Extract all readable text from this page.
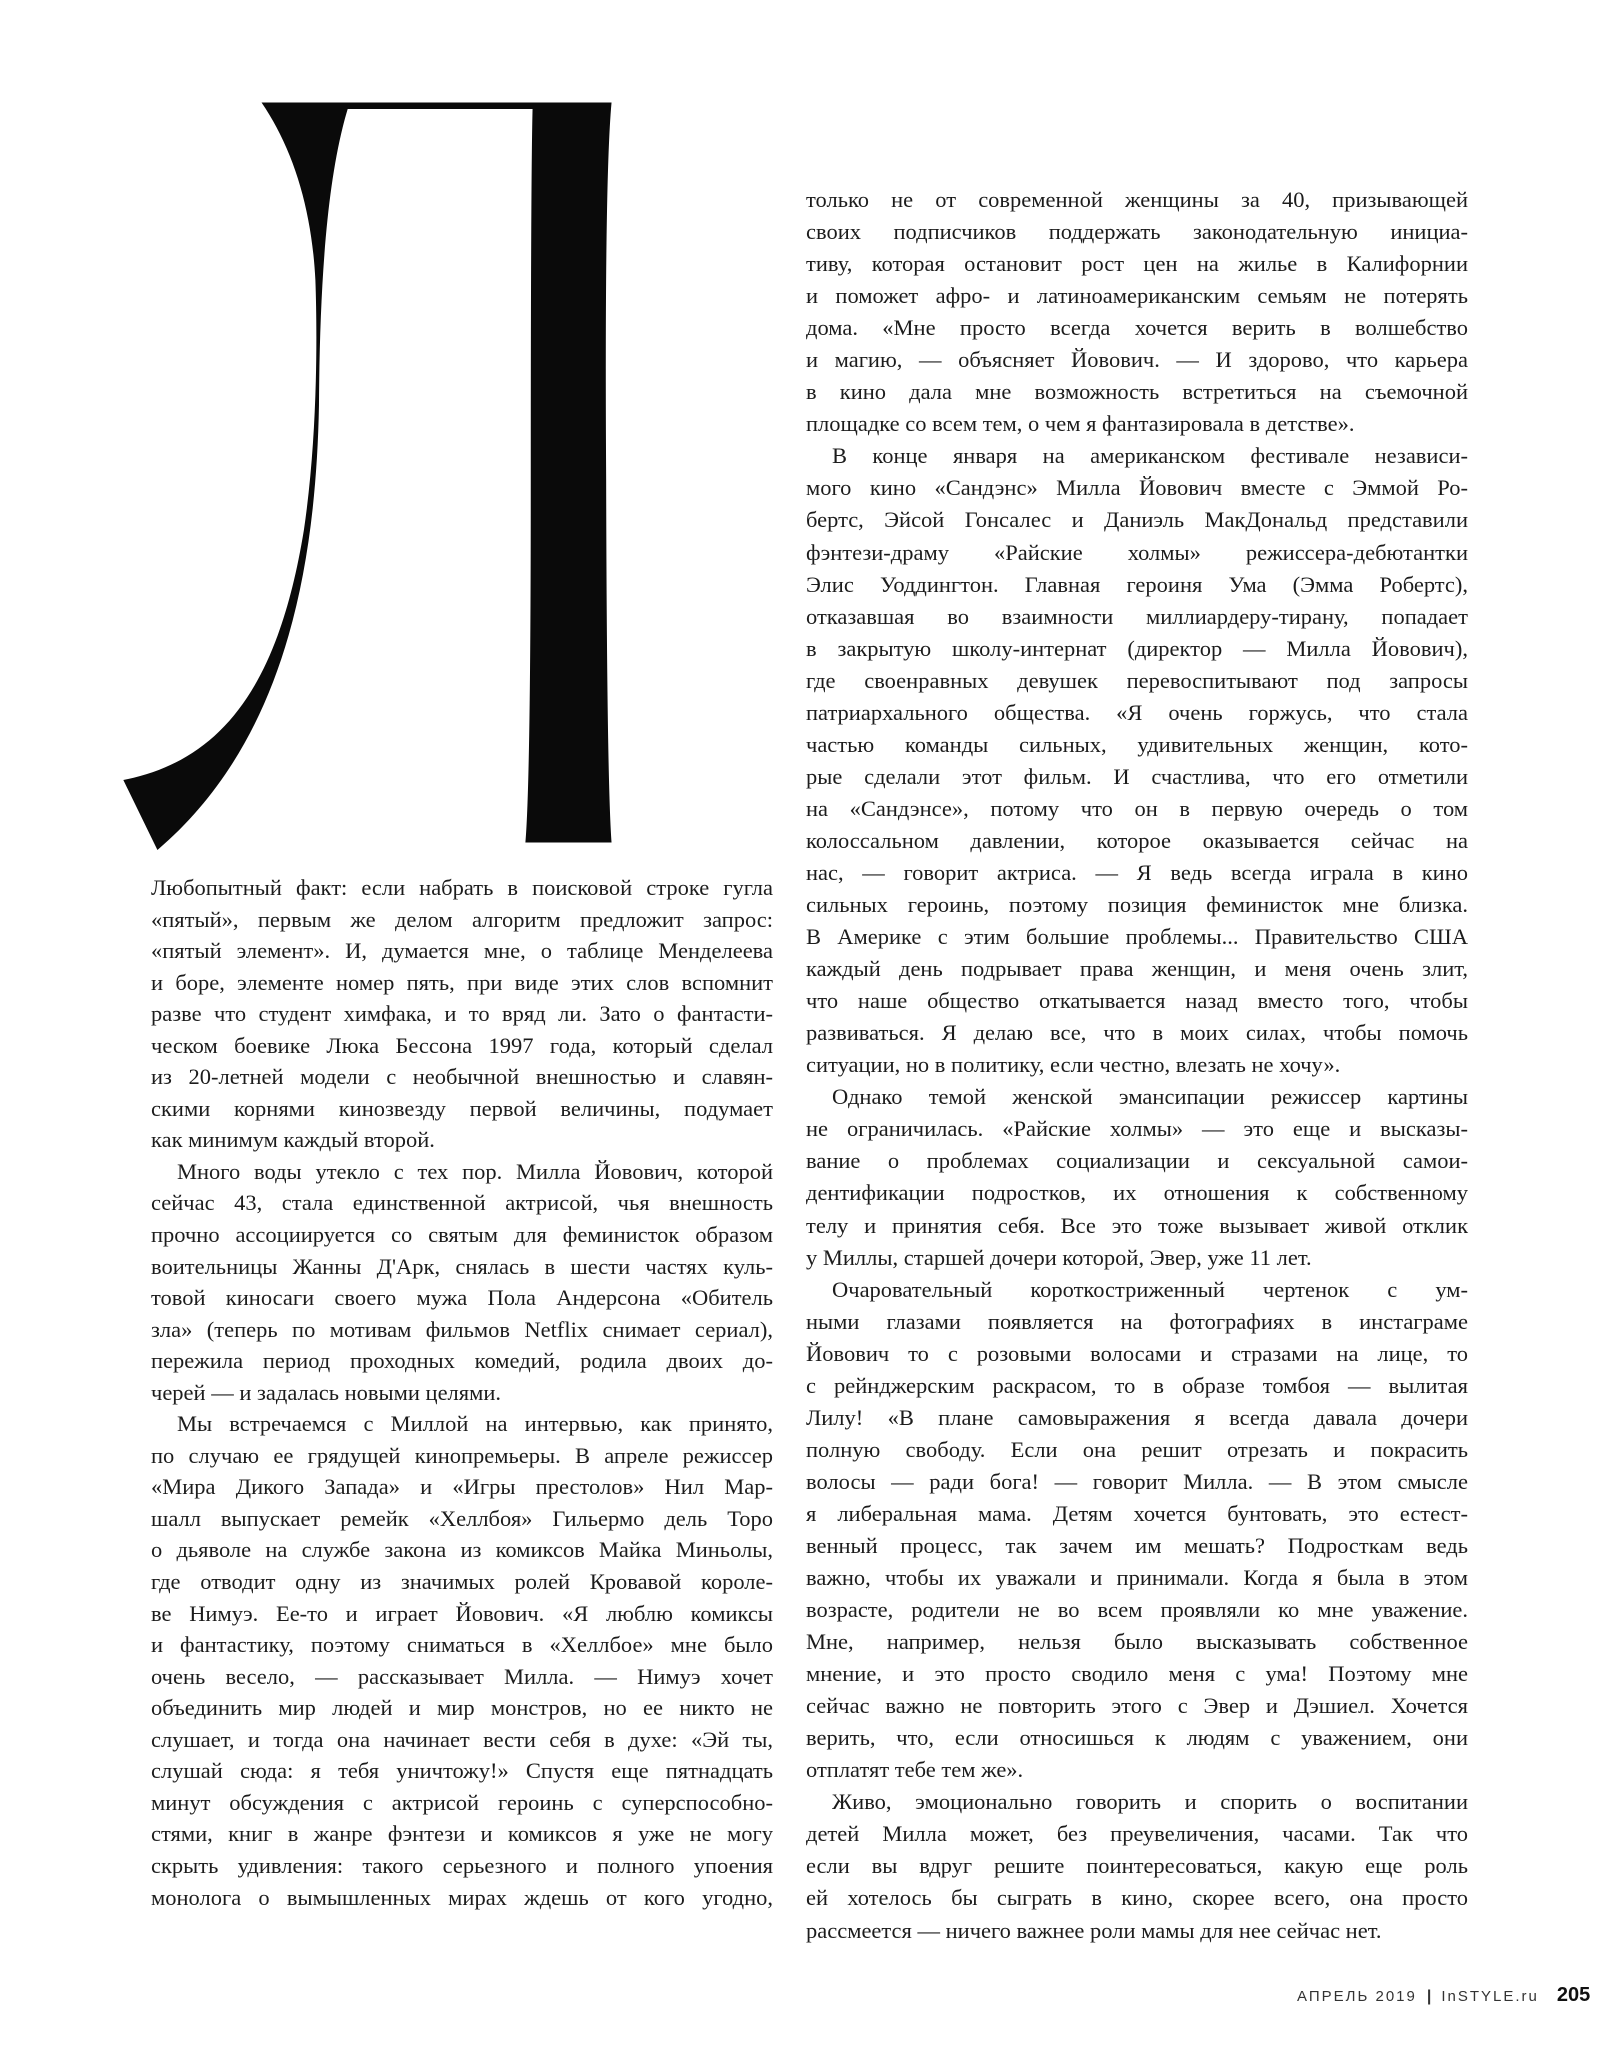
Любопытный факт: если набрать в поисковой строке гугла
«пятый», первым же делом алгоритм предложит запрос:
«пятый элемент». И, думается мне, о таблице Менделеева
и боре, элементе номер пять, при виде этих слов вспомнит
разве что студент химфака, и то вряд ли. Зато о фантасти-
ческом боевике Люка Бессона 1997 года, который сделал
из 20-летней модели с необычной внешностью и славян-
скими корнями кинозвезду первой величины, подумает
как минимум каждый второй.
Много воды утекло с тех пор. Милла Йовович, которой
сейчас 43, стала единственной актрисой, чья внешность
прочно ассоциируется со святым для феминисток образом
воительницы Жанны Д'Арк, снялась в шести частях куль-
товой киносаги своего мужа Пола Андерсона «Обитель
зла» (теперь по мотивам фильмов Netflix снимает сериал),
пережила период проходных комедий, родила двоих до-
черей — и задалась новыми целями.
Мы встречаемся с Миллой на интервью, как принято,
по случаю ее грядущей кинопремьеры. В апреле режиссер
«Мира Дикого Запада» и «Игры престолов» Нил Мар-
шалл выпускает ремейк «Хеллбоя» Гильермо дель Торо
о дьяволе на службе закона из комиксов Майка Миньолы,
где отводит одну из значимых ролей Кровавой короле-
ве Нимуэ. Ее-то и играет Йовович. «Я люблю комиксы
и фантастику, поэтому сниматься в «Хеллбое» мне было
очень весело, — рассказывает Милла. — Нимуэ хочет
объединить мир людей и мир монстров, но ее никто не
слушает, и тогда она начинает вести себя в духе: «Эй ты,
слушай сюда: я тебя уничтожу!» Спустя еще пятнадцать
минут обсуждения с актрисой героинь с суперспособно-
стями, книг в жанре фэнтези и комиксов я уже не могу
скрыть удивления: такого серьезного и полного упоения
монолога о вымышленных мирах ждешь от кого угодно,
только не от современной женщины за 40, призывающей
своих подписчиков поддержать законодательную инициа-
тиву, которая остановит рост цен на жилье в Калифорнии
и поможет афро- и латиноамериканским семьям не потерять
дома. «Мне просто всегда хочется верить в волшебство
и магию, — объясняет Йовович. — И здорово, что карьера
в кино дала мне возможность встретиться на съемочной
площадке со всем тем, о чем я фантазировала в детстве».
В конце января на американском фестивале независи-
мого кино «Сандэнс» Милла Йовович вместе с Эммой Ро-
бертс, Эйсой Гонсалес и Даниэль МакДональд представили
фэнтези-драму «Райские холмы» режиссера-дебютантки
Элис Уоддингтон. Главная героиня Ума (Эмма Робертс),
отказавшая во взаимности миллиардеру-тирану, попадает
в закрытую школу-интернат (директор — Милла Йовович),
где своенравных девушек перевоспитывают под запросы
патриархального общества. «Я очень горжусь, что стала
частью команды сильных, удивительных женщин, кото-
рые сделали этот фильм. И счастлива, что его отметили
на «Сандэнсе», потому что он в первую очередь о том
колоссальном давлении, которое оказывается сейчас на
нас, — говорит актриса. — Я ведь всегда играла в кино
сильных героинь, поэтому позиция феминисток мне близка.
В Америке с этим большие проблемы... Правительство США
каждый день подрывает права женщин, и меня очень злит,
что наше общество откатывается назад вместо того, чтобы
развиваться. Я делаю все, что в моих силах, чтобы помочь
ситуации, но в политику, если честно, влезать не хочу».
Однако темой женской эмансипации режиссер картины
не ограничилась. «Райские холмы» — это еще и высказы-
вание о проблемах социализации и сексуальной самои-
дентификации подростков, их отношения к собственному
телу и принятия себя. Все это тоже вызывает живой отклик
у Миллы, старшей дочери которой, Эвер, уже 11 лет.
Очаровательный короткостриженный чертенок с ум-
ными глазами появляется на фотографиях в инстаграме
Йовович то с розовыми волосами и стразами на лице, то
с рейнджерским раскрасом, то в образе томбоя — вылитая
Лилу! «В плане самовыражения я всегда давала дочери
полную свободу. Если она решит отрезать и покрасить
волосы — ради бога! — говорит Милла. — В этом смысле
я либеральная мама. Детям хочется бунтовать, это естест-
венный процесс, так зачем им мешать? Подросткам ведь
важно, чтобы их уважали и принимали. Когда я была в этом
возрасте, родители не во всем проявляли ко мне уважение.
Мне, например, нельзя было высказывать собственное
мнение, и это просто сводило меня с ума! Поэтому мне
сейчас важно не повторить этого с Эвер и Дэшиел. Хочется
верить, что, если относишься к людям с уважением, они
отплатят тебе тем же».
Живо, эмоционально говорить и спорить о воспитании
детей Милла может, без преувеличения, часами. Так что
если вы вдруг решите поинтересоваться, какую еще роль
ей хотелось бы сыграть в кино, скорее всего, она просто
рассмеется — ничего важнее роли мамы для нее сейчас нет.
АПРЕЛЬ 2019 | InSTYLE.ru 205
